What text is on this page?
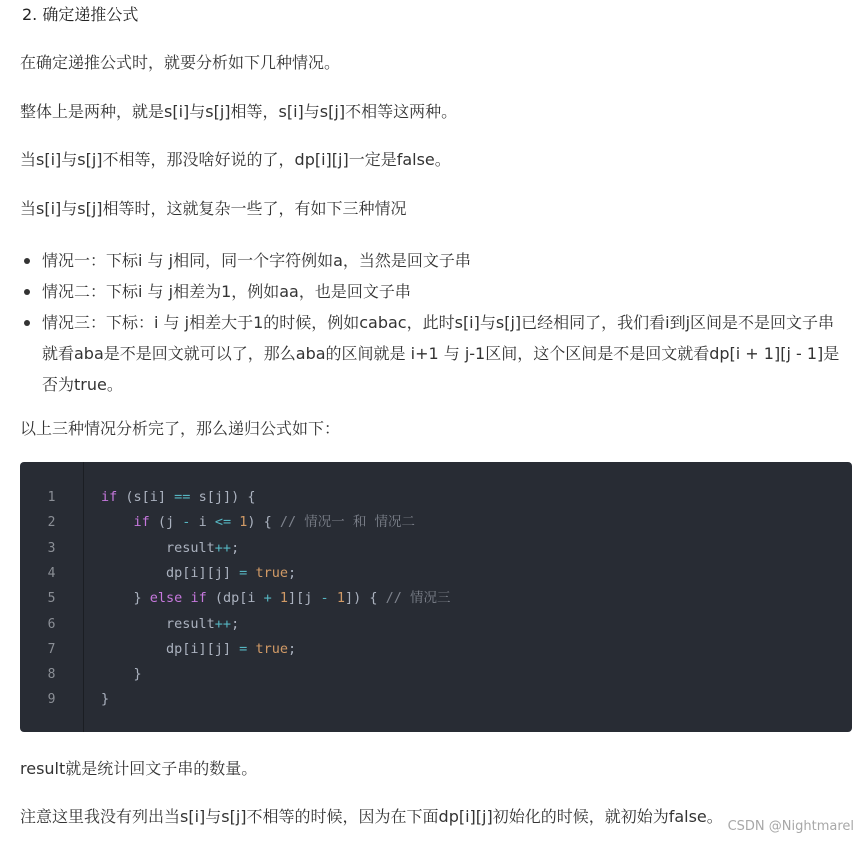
2. 确定递推公式
在确定递推公式时，就要分析如下几种情况。
整体上是两种，就是s[i]与s[j]相等，s[i]与s[j]不相等这两种。
当s[i]与s[j]不相等，那没啥好说的了，dp[i][j]一定是false。
当s[i]与s[j]相等时，这就复杂一些了，有如下三种情况
情况一：下标i 与 j相同，同一个字符例如a，当然是回文子串
情况二：下标i 与 j相差为1，例如aa，也是回文子串
情况三：下标：i 与 j相差大于1的时候，例如cabac，此时s[i]与s[j]已经相同了，我们看i到j区间是不是回文子串就看aba是不是回文就可以了，那么aba的区间就是 i+1 与 j-1区间，这个区间是不是回文就看dp[i + 1][j - 1]是否为true。
以上三种情况分析完了，那么递归公式如下：
1
2
3
4
5
6
7
8
9
if (s[i] == s[j]) {
if (j - i <= 1) { // 情况一 和 情况二
result++;
dp[i][j] = true;
} else if (dp[i + 1][j - 1]) { // 情况三
result++;
dp[i][j] = true;
}
}
result就是统计回文子串的数量。
注意这里我没有列出当s[i]与s[j]不相等的时候，因为在下面dp[i][j]初始化的时候，就初始为false。
CSDN @Nightmarel
